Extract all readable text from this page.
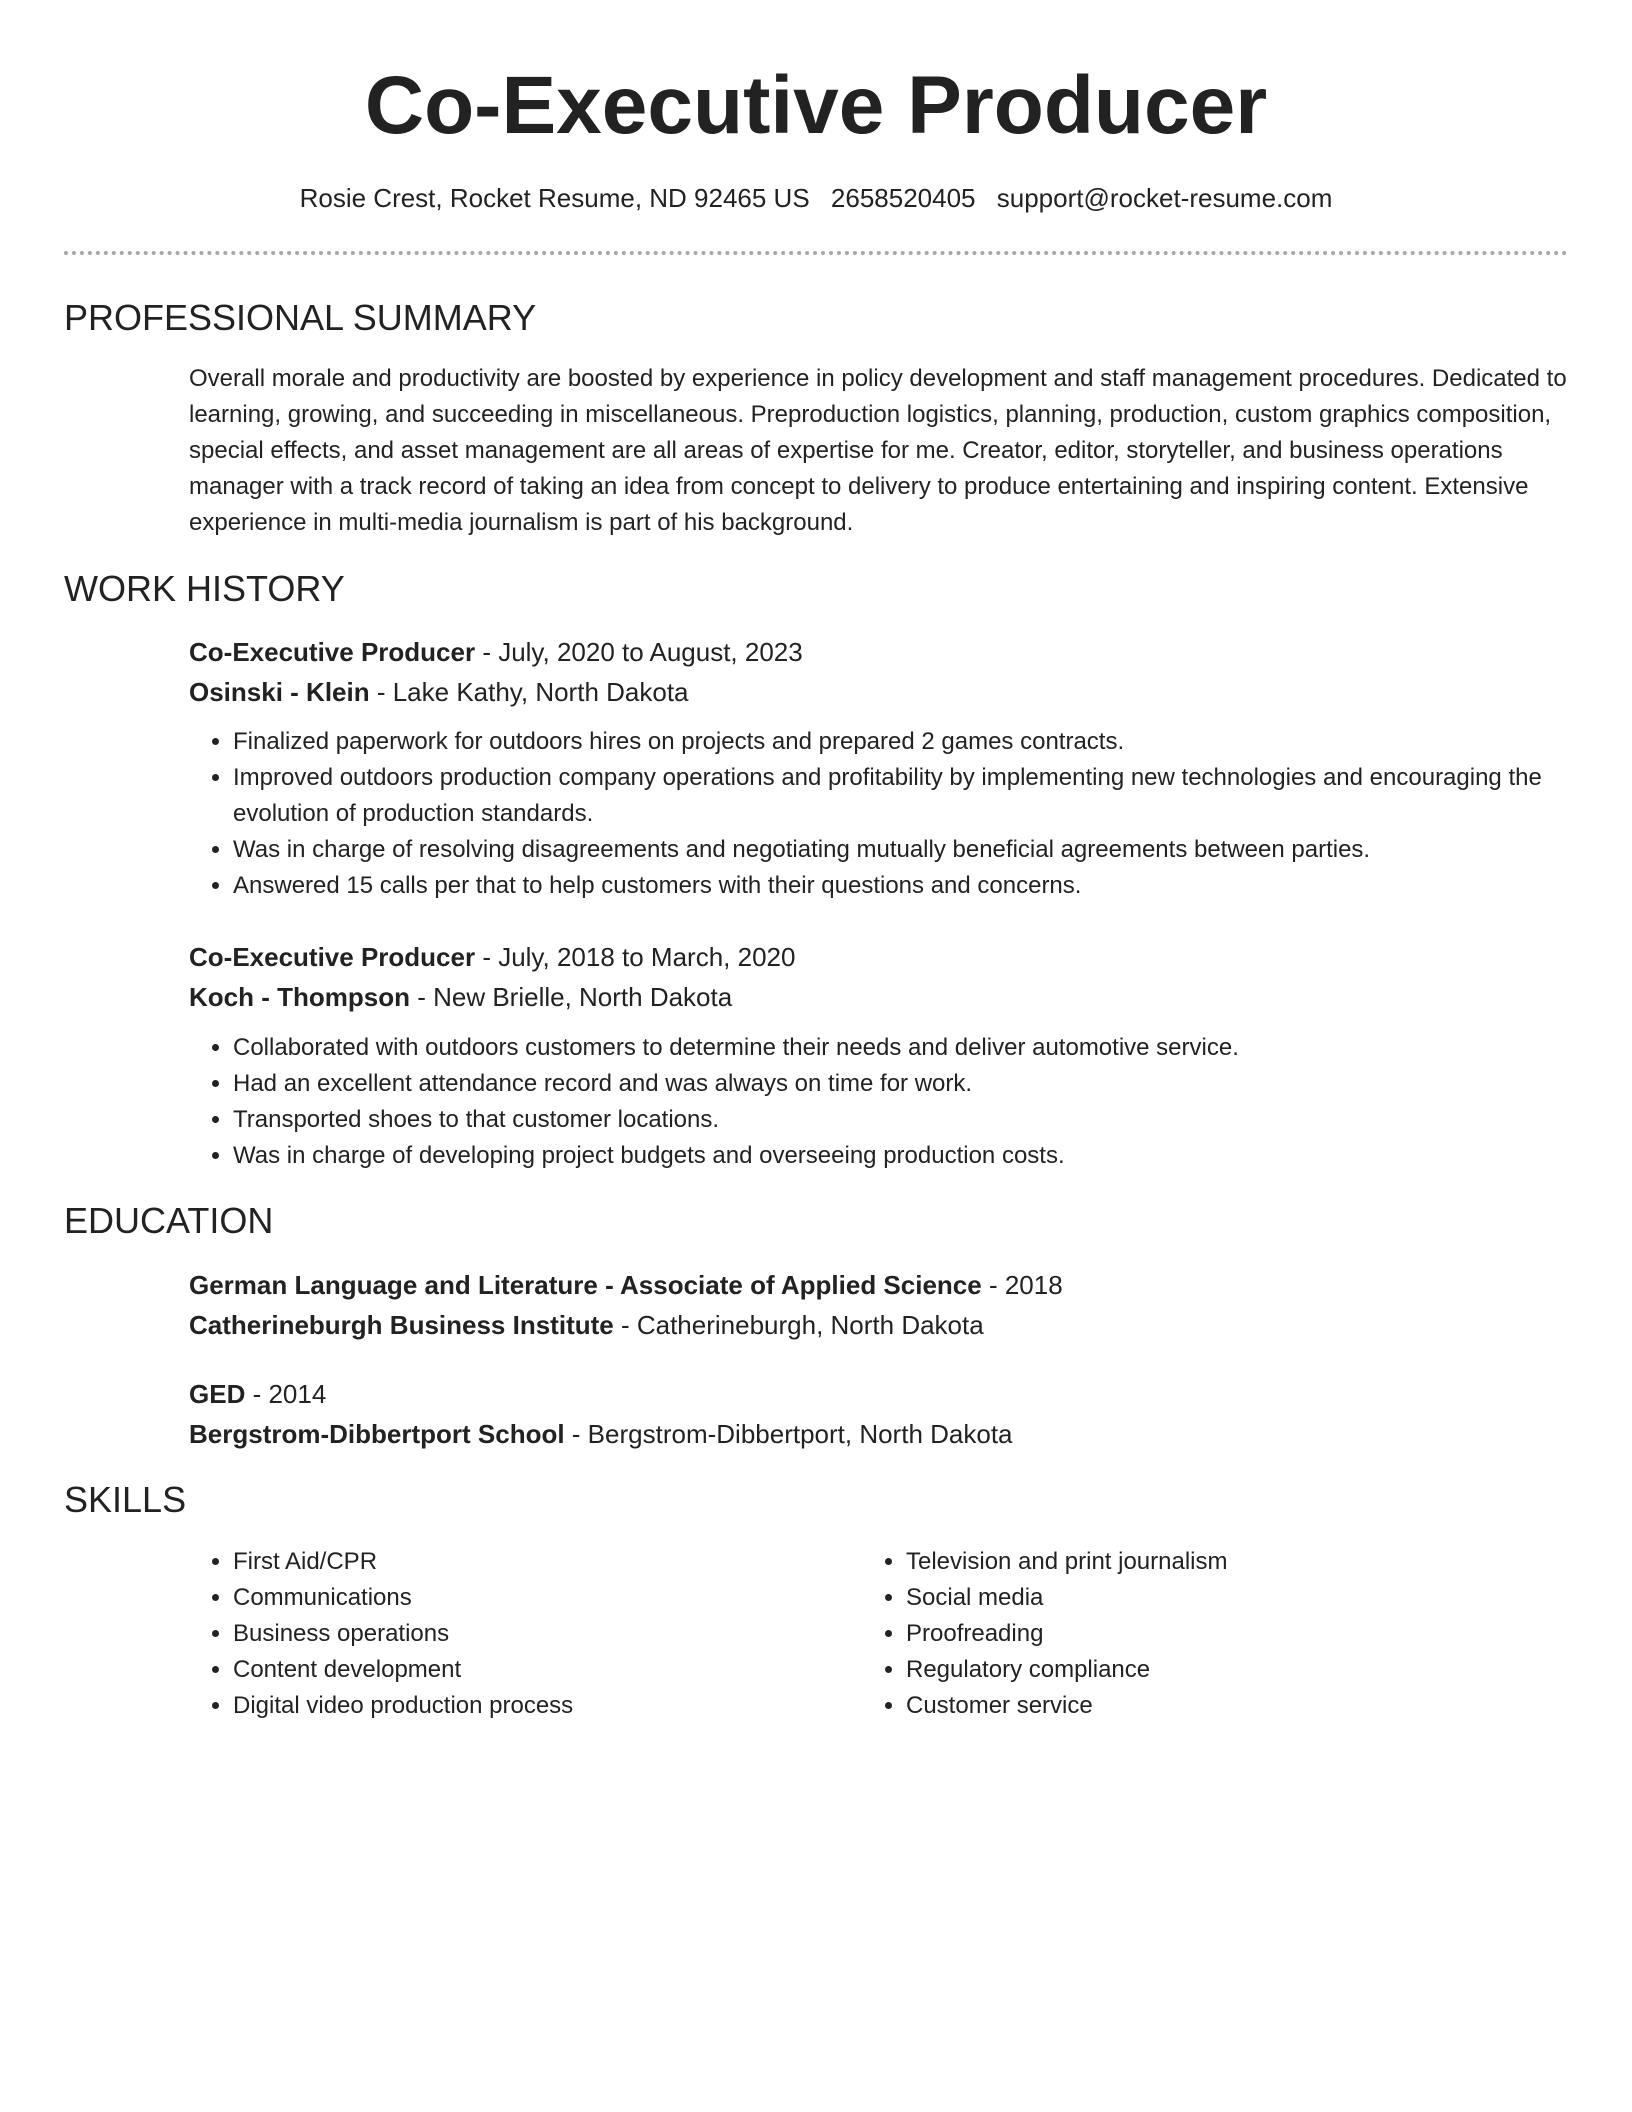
Co-Executive Producer
Rosie Crest, Rocket Resume, ND 92465 US 2658520405 support@rocket-resume.com
PROFESSIONAL SUMMARY

Overall morale and productivity are boosted by experience in policy development and staff management procedures. Dedicated to learning, growing, and succeeding in miscellaneous. Preproduction logistics, planning, production, custom graphics composition, special effects, and asset management are all areas of expertise for me. Creator, editor, storyteller, and business operations manager with a track record of taking an idea from concept to delivery to produce entertaining and inspiring content. Extensive experience in multi-media journalism is part of his background.

WORK HISTORY
Co-Executive Producer - July, 2020 to August, 2023
Osinski - Klein - Lake Kathy, North Dakota
• Finalized paperwork for outdoors hires on projects and prepared 2 games contracts.
• Improved outdoors production company operations and profitability by implementing new technologies and encouraging the evolution of production standards.
• Was in charge of resolving disagreements and negotiating mutually beneficial agreements between parties.
• Answered 15 calls per that to help customers with their questions and concerns.
Co-Executive Producer - July, 2018 to March, 2020
Koch - Thompson - New Brielle, North Dakota
• Collaborated with outdoors customers to determine their needs and deliver automotive service.
• Had an excellent attendance record and was always on time for work.
• Transported shoes to that customer locations.
• Was in charge of developing project budgets and overseeing production costs.
EDUCATION
German Language and Literature - Associate of Applied Science - 2018
Catherineburgh Business Institute - Catherineburgh, North Dakota
GED - 2014
Bergstrom-Dibbertport School - Bergstrom-Dibbertport, North Dakota
SKILLS
• First Aid/CPR
• Communications
• Business operations
• Content development
• Digital video production process
• Television and print journalism
• Social media
• Proofreading
• Regulatory compliance
• Customer service
